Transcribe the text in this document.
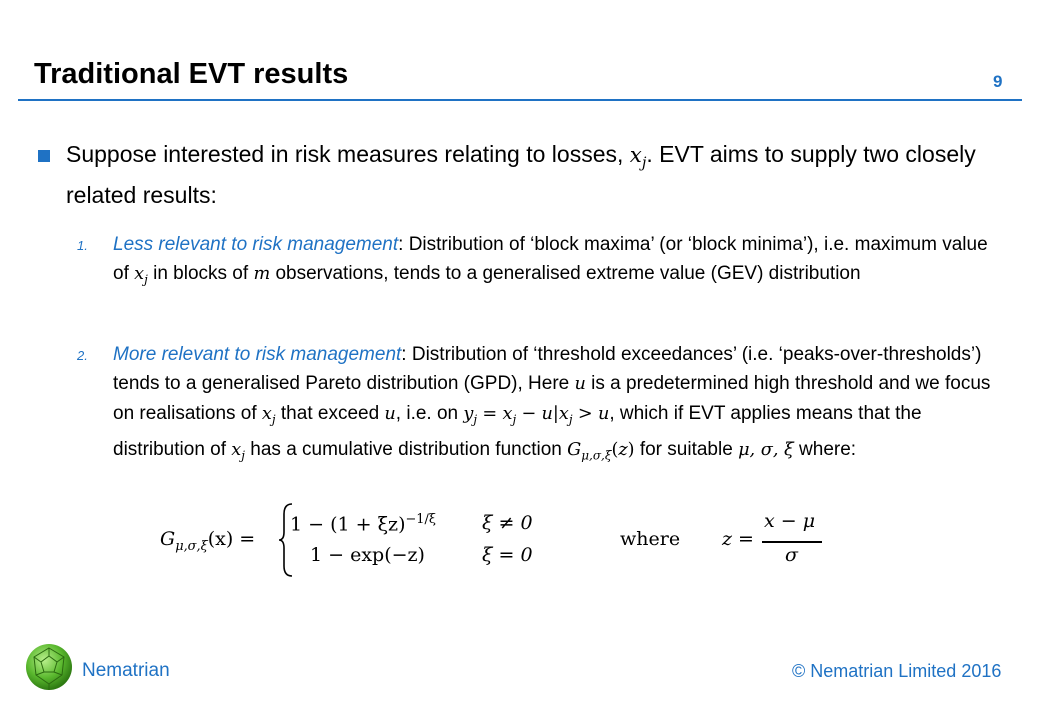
Traditional EVT results	9
Suppose interested in risk measures relating to losses, $x_j$. EVT aims to supply two closely related results:
1. Less relevant to risk management: Distribution of ‘block maxima’ (or ‘block minima’), i.e. maximum value of $x_j$ in blocks of m observations, tends to a generalised extreme value (GEV) distribution
2. More relevant to risk management: Distribution of ‘threshold exceedances’ (i.e. ‘peaks-over-thresholds’) tends to a generalised Pareto distribution (GPD), Here u is a predetermined high threshold and we focus on realisations of $x_j$ that exceed u, i.e. on $y_j = x_j - u|x_j > u$, which if EVT applies means that the distribution of $x_j$ has a cumulative distribution function $G_{\mu,\sigma,\xi}(z)$ for suitable μ, σ, ξ where:
$G_{\mu,\sigma,\xi}(x)$ =
$1 - (1 + \xi z)^{-1/\xi}$ ξ ≠ 0
1 − exp(−z)	ξ = 0
where z =
x − μ
σ
Nematrian	© Nematrian Limited 2016
